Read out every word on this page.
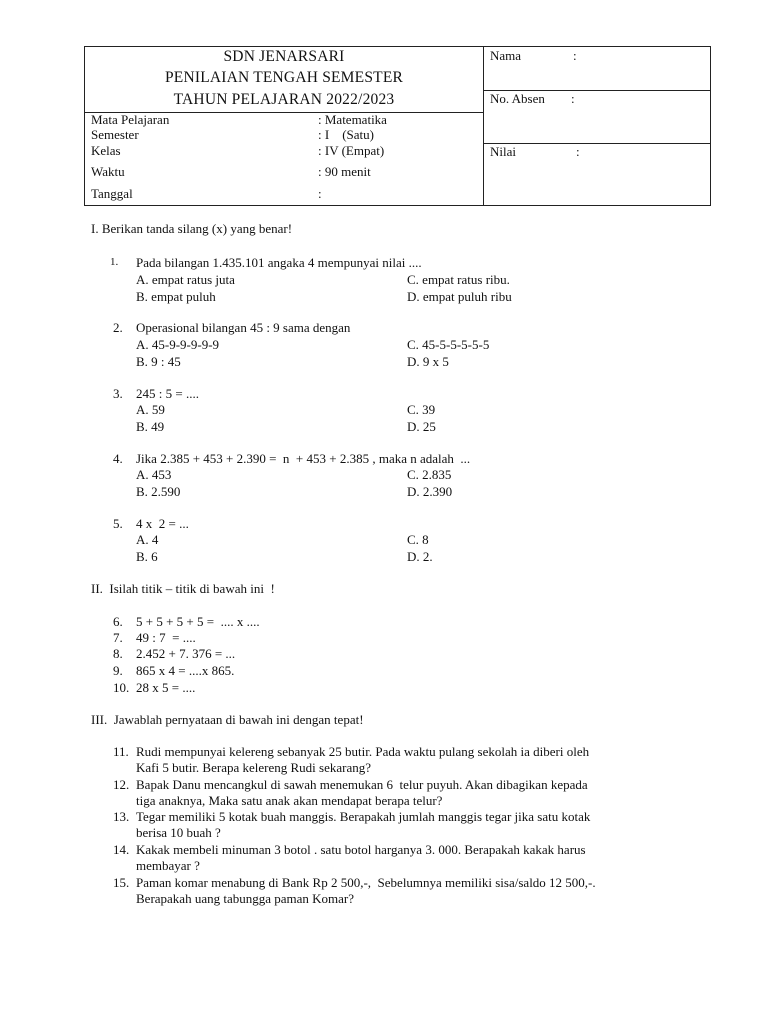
SDN JENARSARI
PENILAIAN TENGAH SEMESTER
TAHUN PELAJARAN 2022/2023
Mata Pelajaran	: Matematika
Semester	: I    (Satu)
Kelas	: IV (Empat)
Waktu	: 90 menit
Tanggal	:
Nama	:
No. Absen :
Nilai	:
I. Berikan tanda silang (x) yang benar!
1. Pada bilangan 1.435.101 angaka 4 mempunyai nilai ....
A. empat ratus juta	C. empat ratus ribu.
B. empat puluh	D. empat puluh ribu
2. Operasional bilangan 45 : 9 sama dengan
A. 45-9-9-9-9-9	C. 45-5-5-5-5-5
B. 9 : 45	D. 9 x 5
3. 245 : 5 = ....
A. 59	C. 39
B. 49	D. 25
4. Jika 2.385 + 453 + 2.390 =  n  + 453 + 2.385 , maka n adalah  ...
A. 453	C. 2.835
B. 2.590	D. 2.390
5. 4 x  2 = ...
A. 4	C. 8
B. 6	D. 2.
II.  Isilah titik – titik di bawah ini  !
6. 5 + 5 + 5 + 5 =  .... x ....
7. 49 : 7  = ....
8. 2.452 + 7. 376 = ...
9. 865 x 4 = ....x 865.
10. 28 x 5 = ....
III.  Jawablah pernyataan di bawah ini dengan tepat!
11. Rudi mempunyai kelereng sebanyak 25 butir. Pada waktu pulang sekolah ia diberi oleh
Kafi 5 butir. Berapa kelereng Rudi sekarang?
12. Bapak Danu mencangkul di sawah menemukan 6  telur puyuh. Akan dibagikan kepada
tiga anaknya, Maka satu anak akan mendapat berapa telur?
13. Tegar memiliki 5 kotak buah manggis. Berapakah jumlah manggis tegar jika satu kotak
berisa 10 buah ?
14. Kakak membeli minuman 3 botol . satu botol harganya 3. 000. Berapakah kakak harus
membayar ?
15. Paman komar menabung di Bank Rp 2 500,-,  Sebelumnya memiliki sisa/saldo 12 500,-.
Berapakah uang tabungga paman Komar?
